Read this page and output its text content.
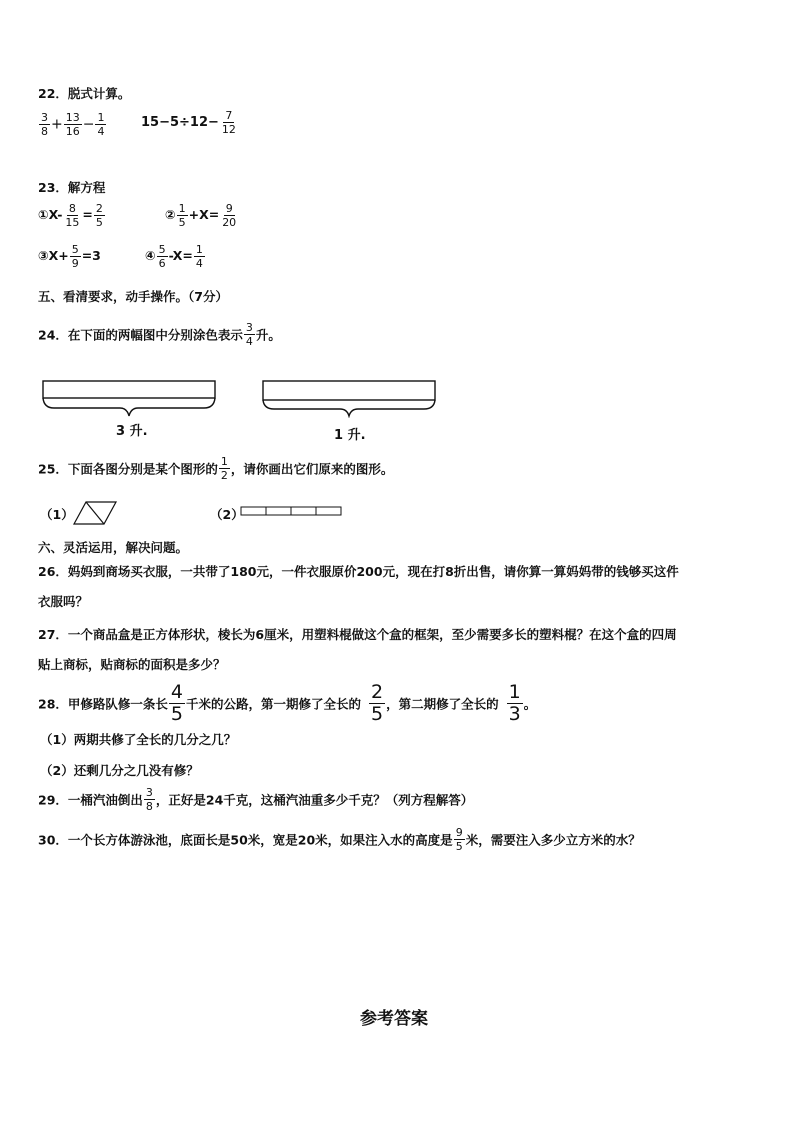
22．脱式计算。
$\frac{3}{8} + \frac{13}{16} - \frac{1}{4}$	$15-5\div 12- \frac{7}{12}$
23．解方程
①X- $\frac{8}{15} = \frac{2}{5}$	② $\frac{1}{5} +X= \frac{9}{20}$
③X+ $\frac{5}{9} =3$	④ $\frac{5}{6} -X= \frac{1}{4}$
五、看清要求，动手操作。（7分）
24．在下面的两幅图中分别涂色表示 $\frac{3}{4}$ 升。
3 升.	1 升.
25．下面各图分别是某个图形的 $\frac{1}{2}$ ，请你画出它们原来的图形。
（1）	（2）
六、灵活运用，解决问题。
26．妈妈到商场买衣服，一共带了180元，一件衣服原价200元，现在打8折出售，请你算一算妈妈带的钱够买这件
衣服吗？
27．一个商品盒是正方体形状，棱长为6厘米，用塑料棍做这个盒的框架，至少需要多长的塑料棍？在这个盒的四周
贴上商标，贴商标的面积是多少？
28．甲修路队修一条长 $\frac{4}{5}$ 千米的公路，第一期修了全长的 $\frac{2}{5}$ ，第二期修了全长的 $\frac{1}{3}$ 。
（1）两期共修了全长的几分之几？
（2）还剩几分之几没有修？
29．一桶汽油倒出 $\frac{3}{8}$ ，正好是24千克，这桶汽油重多少千克？（列方程解答）
30．一个长方体游泳池，底面长是50米，宽是20米，如果注入水的高度是 $\frac{9}{5}$ 米，需要注入多少立方米的水？
参考答案
